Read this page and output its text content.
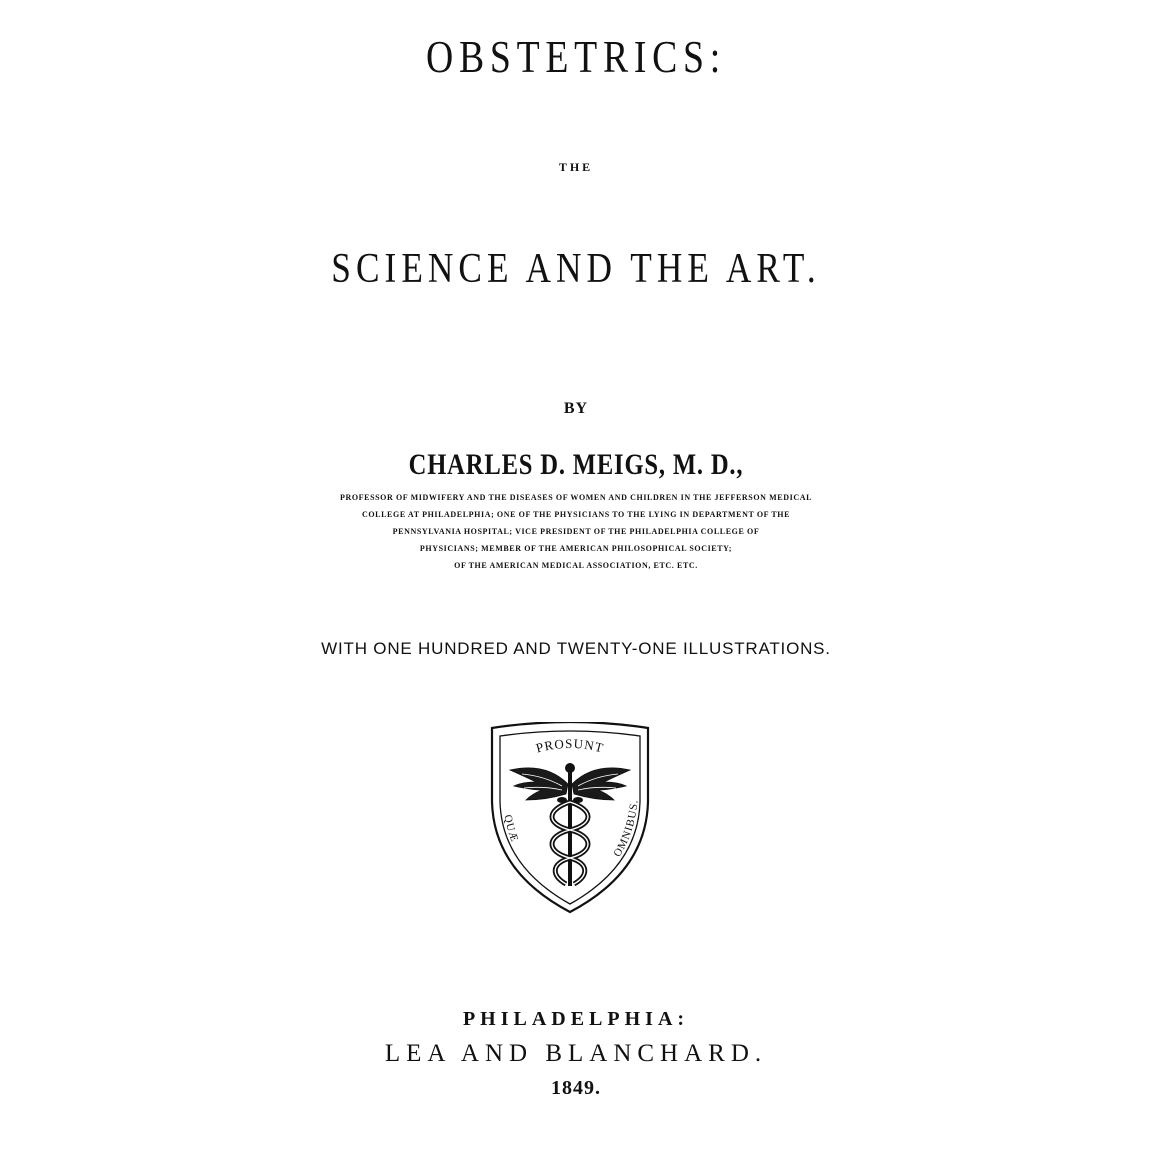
OBSTETRICS:
THE
SCIENCE AND THE ART.
BY
CHARLES D. MEIGS, M. D.,
PROFESSOR OF MIDWIFERY AND THE DISEASES OF WOMEN AND CHILDREN IN THE JEFFERSON MEDICAL
COLLEGE AT PHILADELPHIA; ONE OF THE PHYSICIANS TO THE LYING IN DEPARTMENT OF THE
PENNSYLVANIA HOSPITAL; VICE PRESIDENT OF THE PHILADELPHIA COLLEGE OF
PHYSICIANS; MEMBER OF THE AMERICAN PHILOSOPHICAL SOCIETY;
OF THE AMERICAN MEDICAL ASSOCIATION, ETC. ETC.
WITH ONE HUNDRED AND TWENTY-ONE ILLUSTRATIONS.
PROSUNT
QUÆ
OMNIBUS.
PHILADELPHIA:
LEA AND BLANCHARD.
1849.
